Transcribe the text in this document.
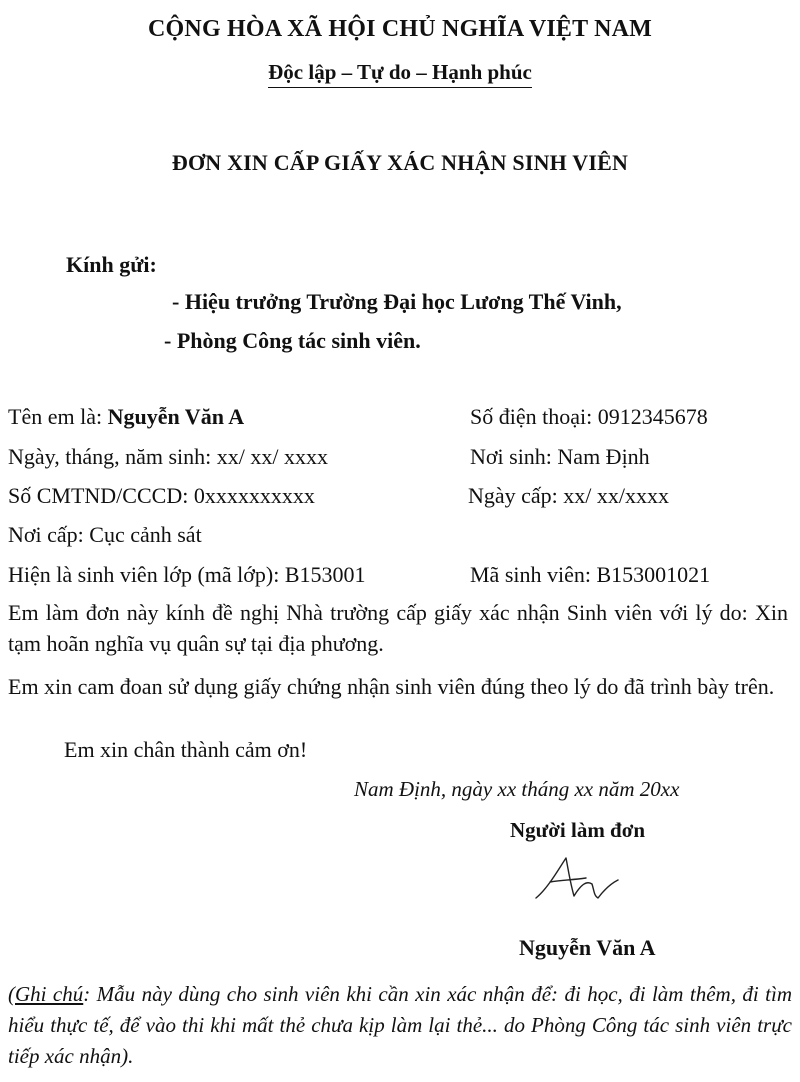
CỘNG HÒA XÃ HỘI CHỦ NGHĨA VIỆT NAM
Độc lập – Tự do – Hạnh phúc
ĐƠN XIN CẤP GIẤY XÁC NHẬN SINH VIÊN
Kính gửi:
- Hiệu trưởng Trường Đại học Lương Thế Vinh,
- Phòng Công tác sinh viên.
Tên em là: Nguyễn Văn A	Số điện thoại: 0912345678
Ngày, tháng, năm sinh: xx/ xx/ xxxx	Nơi sinh: Nam Định
Số CMTND/CCCD: 0xxxxxxxxxx	Ngày cấp: xx/ xx/xxxx
Nơi cấp: Cục cảnh sát
Hiện là sinh viên lớp (mã lớp): B153001	Mã sinh viên: B153001021
Em làm đơn này kính đề nghị Nhà trường cấp giấy xác nhận Sinh viên với lý do: Xin tạm hoãn nghĩa vụ quân sự tại địa phương.
Em xin cam đoan sử dụng giấy chứng nhận sinh viên đúng theo lý do đã trình bày trên.
Em xin chân thành cảm ơn!
Nam Định, ngày xx tháng xx năm 20xx
Người làm đơn
Nguyễn Văn A
(Ghi chú: Mẫu này dùng cho sinh viên khi cần xin xác nhận để: đi học, đi làm thêm, đi tìm hiểu thực tế, để vào thi khi mất thẻ chưa kịp làm lại thẻ... do Phòng Công tác sinh viên trực tiếp xác nhận).
